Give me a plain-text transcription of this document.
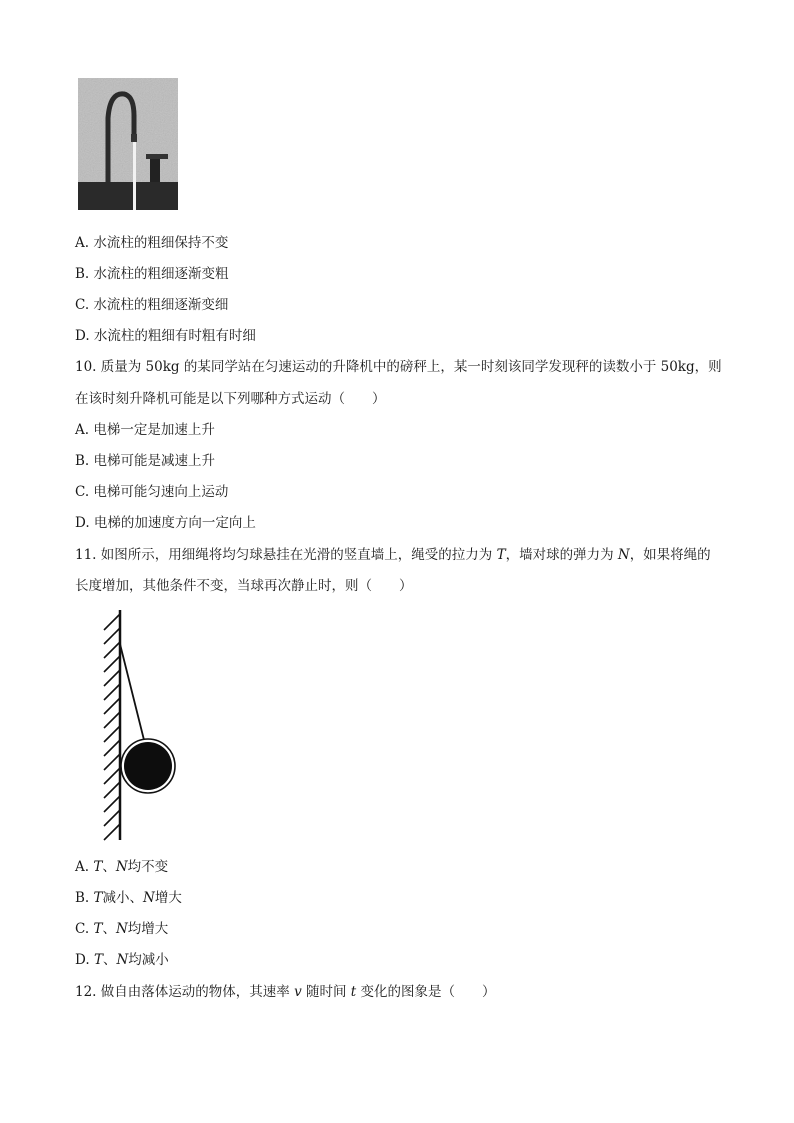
A. 水流柱的粗细保持不变
B. 水流柱的粗细逐渐变粗
C. 水流柱的粗细逐渐变细
D. 水流柱的粗细有时粗有时细
10. 质量为 50kg 的某同学站在匀速运动的升降机中的磅秤上，某一时刻该同学发现秤的读数小于 50kg，则
在该时刻升降机可能是以下列哪种方式运动（　　）
A. 电梯一定是加速上升
B. 电梯可能是减速上升
C. 电梯可能匀速向上运动
D. 电梯的加速度方向一定向上
11. 如图所示，用细绳将均匀球悬挂在光滑的竖直墙上，绳受的拉力为 T，墙对球的弹力为 N，如果将绳的
长度增加，其他条件不变，当球再次静止时，则（　　）
A. T、N均不变
B. T减小、N增大
C. T、N均增大
D. T、N均减小
12. 做自由落体运动的物体，其速率 v 随时间 t 变化的图象是（　　）
